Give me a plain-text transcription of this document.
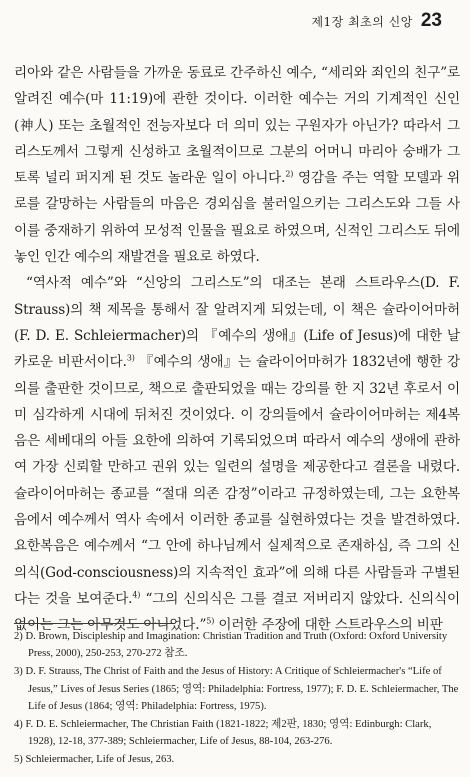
제1장 최초의 신앙 23

리아와 같은 사람들을 가까운 동료로 간주하신 예수, “세리와 죄인의 친구”로 알려진 예수(마 11:19)에 관한 것이다. 이러한 예수는 거의 기계적인 신인(神人) 또는 초월적인 전능자보다 더 의미 있는 구원자가 아닌가? 따라서 그리스도께서 그렇게 신성하고 초월적이므로 그분의 어머니 마리아 숭배가 그토록 널리 퍼지게 된 것도 놀라운 일이 아니다.$^{2)}$ 영감을 주는 역할 모델과 위로를 갈망하는 사람들의 마음은 경외심을 불러일으키는 그리스도와 그들 사이를 중재하기 위하여 모성적 인물을 필요로 하였으며, 신적인 그리스도 뒤에 놓인 인간 예수의 재발견을 필요로 하였다.

“역사적 예수”와 “신앙의 그리스도”의 대조는 본래 스트라우스(D. F. Strauss)의 책 제목을 통해서 잘 알려지게 되었는데, 이 책은 슐라이어마허(F. D. E. Schleiermacher)의 『예수의 생애』(Life of Jesus)에 대한 날카로운 비판서이다.$^{3)}$ 『예수의 생애』는 슐라이어마허가 1832년에 행한 강의를 출판한 것이므로, 책으로 출판되었을 때는 강의를 한 지 32년 후로서 이미 심각하게 시대에 뒤처진 것이었다. 이 강의들에서 슐라이어마허는 제4복음은 세베대의 아들 요한에 의하여 기록되었으며 따라서 예수의 생애에 관하여 가장 신뢰할 만하고 권위 있는 일련의 설명을 제공한다고 결론을 내렸다. 슐라이어마허는 종교를 “절대 의존 감정”이라고 규정하였는데, 그는 요한복음에서 예수께서 역사 속에서 이러한 종교를 실현하였다는 것을 발견하였다. 요한복음은 예수께서 “그 안에 하나님께서 실제적으로 존재하심, 즉 그의 신의식(God-consciousness)의 지속적인 효과”에 의해 다른 사람들과 구별된다는 것을 보여준다.$^{4)}$ “그의 신의식은 그를 결코 저버리지 않았다. 신의식이 없이는 그는 아무것도 아니었다.”$^{5)}$ 이러한 주장에 대한 스트라우스의 비판

2) D. Brown, Discipleship and Imagination: Christian Tradition and Truth (Oxford: Oxford University Press, 2000), 250-253, 270-272 참조.

3) D. F. Strauss, The Christ of Faith and the Jesus of History: A Critique of Schleiermacher's “Life of Jesus,” Lives of Jesus Series (1865; 영역: Philadelphia: Fortress, 1977); F. D. E. Schleiermacher, The Life of Jesus (1864; 영역: Philadelphia: Fortress, 1975).

4) F. D. E. Schleiermacher, The Christian Faith (1821-1822; 제2판, 1830; 영역: Edinburgh: Clark, 1928), 12-18, 377-389; Schleiermacher, Life of Jesus, 88-104, 263-276.

5) Schleiermacher, Life of Jesus, 263.
